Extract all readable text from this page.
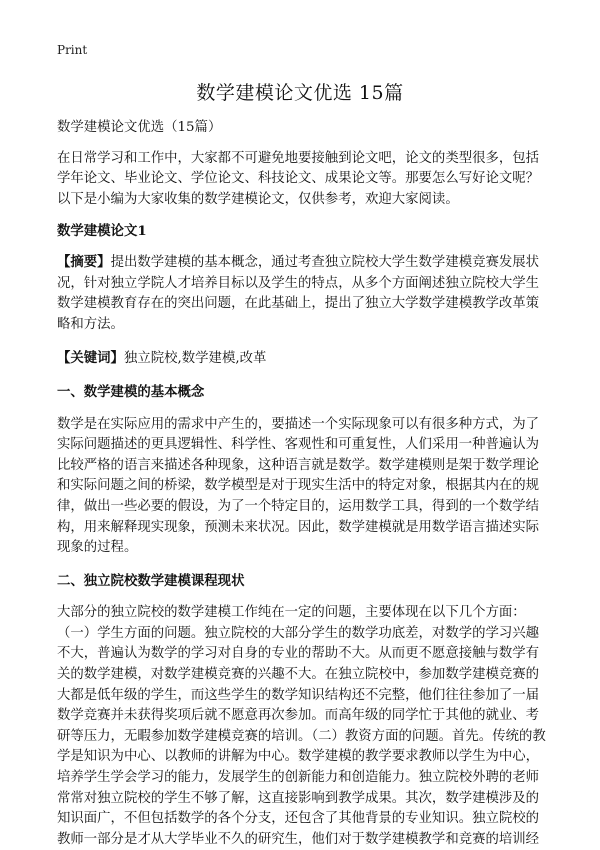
Print
数学建模论文优选 15篇

数学建模论文优选（15篇）

在日常学习和工作中，大家都不可避免地要接触到论文吧，论文的类型很多，包括学年论文、毕业论文、学位论文、科技论文、成果论文等。那要怎么写好论文呢？以下是小编为大家收集的数学建模论文，仅供参考，欢迎大家阅读。

数学建模论文1

【摘要】提出数学建模的基本概念，通过考查独立院校大学生数学建模竞赛发展状况，针对独立学院人才培养目标以及学生的特点，从多个方面阐述独立院校大学生数学建模教育存在的突出问题，在此基础上，提出了独立大学数学建模教学改革策略和方法。

【关键词】独立院校,数学建模,改革

一、数学建模的基本概念

数学是在实际应用的需求中产生的，要描述一个实际现象可以有很多种方式，为了实际问题描述的更具逻辑性、科学性、客观性和可重复性，人们采用一种普遍认为比较严格的语言来描述各种现象，这种语言就是数学。数学建模则是架于数学理论和实际问题之间的桥梁，数学模型是对于现实生活中的特定对象，根据其内在的规律，做出一些必要的假设，为了一个特定目的，运用数学工具，得到的一个数学结构，用来解释现实现象，预测未来状况。因此，数学建模就是用数学语言描述实际现象的过程。

二、独立院校数学建模课程现状

大部分的独立院校的数学建模工作纯在一定的问题，主要体现在以下几个方面：（一）学生方面的问题。独立院校的大部分学生的数学功底差，对数学的学习兴趣不大，普遍认为数学的学习对自身的专业的帮助不大。从而更不愿意接触与数学有关的数学建模，对数学建模竞赛的兴趣不大。在独立院校中，参加数学建模竞赛的大都是低年级的学生，而这些学生的数学知识结构还不完整，他们往往参加了一届数学竞赛并未获得奖项后就不愿意再次参加。而高年级的同学忙于其他的就业、考研等压力，无暇参加数学建模竞赛的培训。（二）教资方面的问题。首先。传统的教学是知识为中心、以教师的讲解为中心。数学建模的教学要求教师以学生为中心，培养学生学会学习的能力，发展学生的创新能力和创造能力。独立院校外聘的老师常常对独立院校的学生不够了解，这直接影响到教学成果。其次，数学建模涉及的知识面广，不但包括数学的各个分支，还包含了其他背景的专业知识。独立院校的教师一部分是才从大学毕业不久的研究生，他们对于数学建模教学和竞赛的培训经
